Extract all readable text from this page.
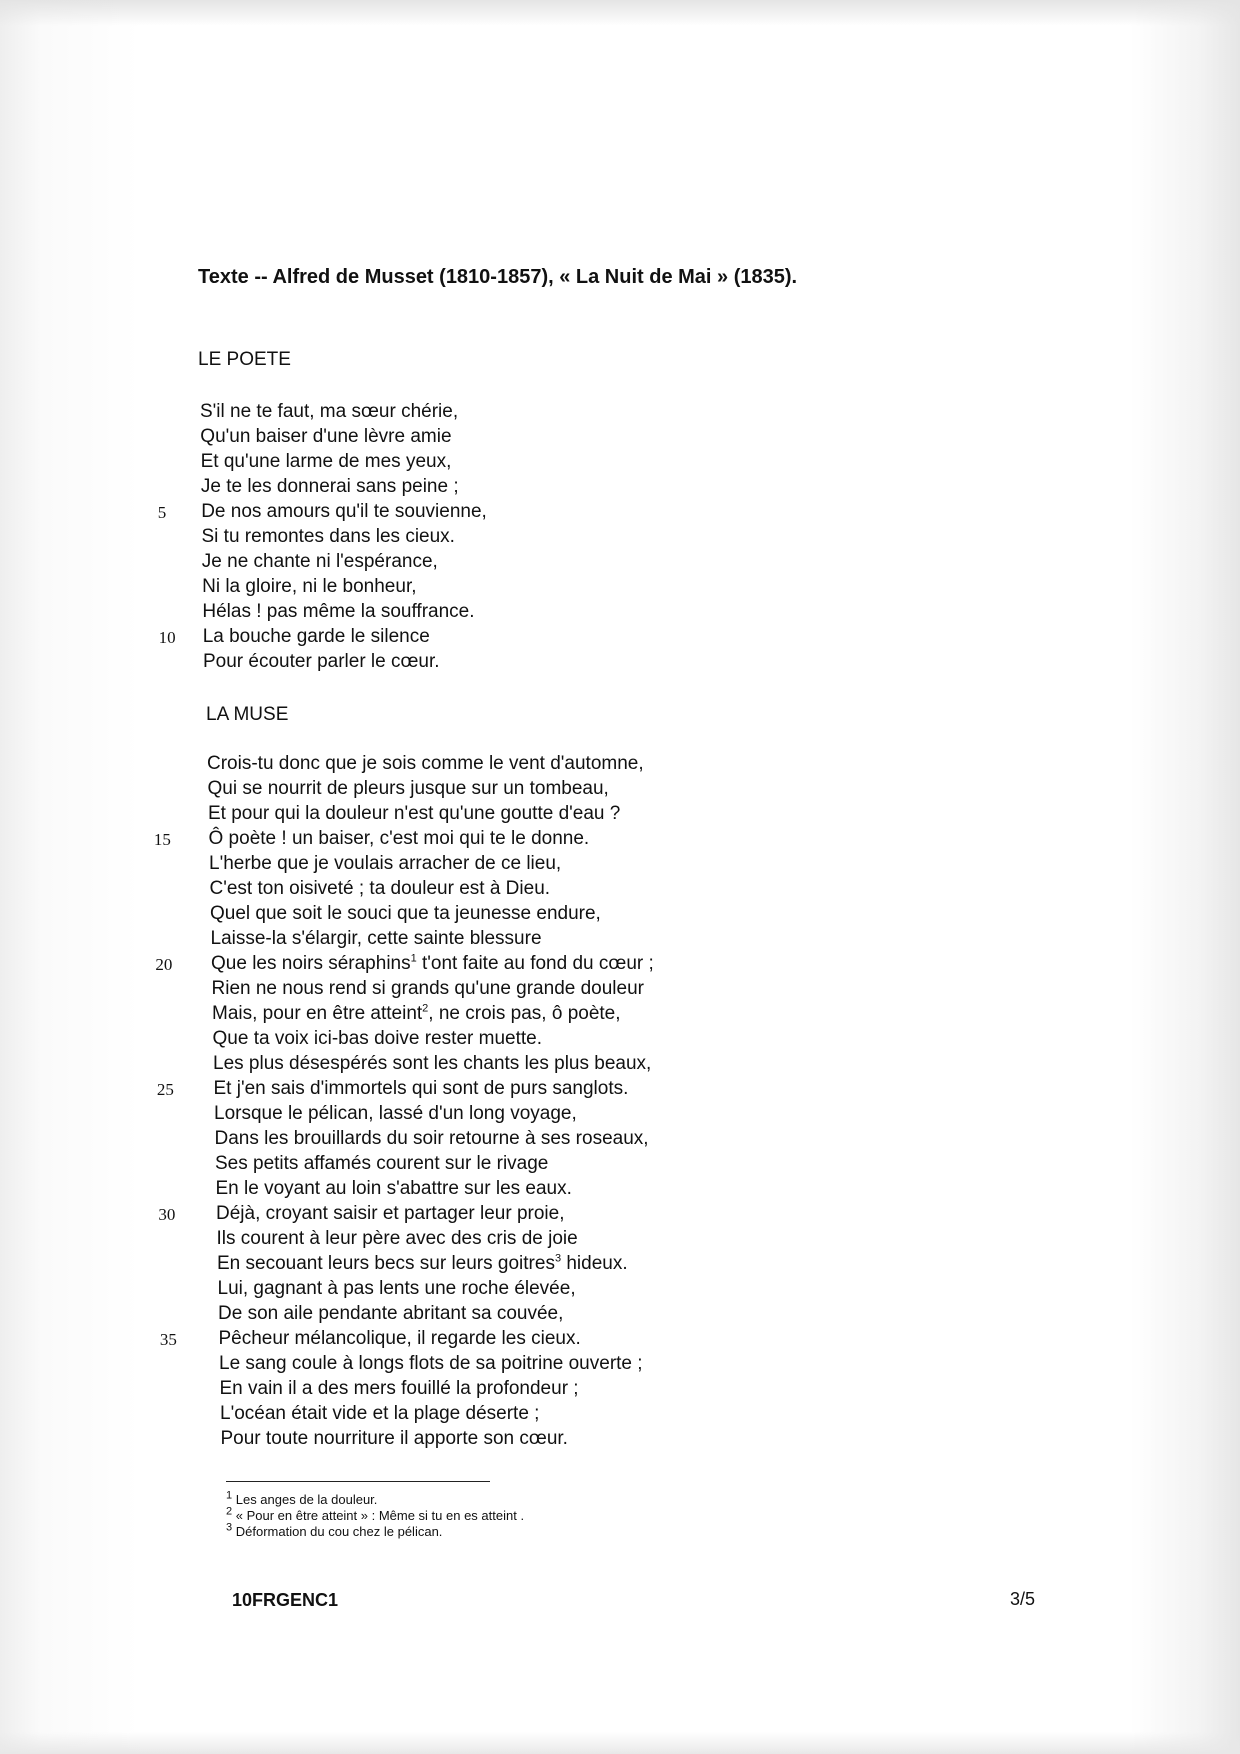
Texte -- Alfred de Musset (1810-1857), « La Nuit de Mai » (1835).
LE POETE
S'il ne te faut, ma sœur chérie,
Qu'un baiser d'une lèvre amie
Et qu'une larme de mes yeux,
Je te les donnerai sans peine ;
5 De nos amours qu'il te souvienne,
Si tu remontes dans les cieux.
Je ne chante ni l'espérance,
Ni la gloire, ni le bonheur,
Hélas ! pas même la souffrance.
10 La bouche garde le silence
Pour écouter parler le cœur.
LA MUSE
Crois-tu donc que je sois comme le vent d'automne,
Qui se nourrit de pleurs jusque sur un tombeau,
Et pour qui la douleur n'est qu'une goutte d'eau ?
15 Ô poète ! un baiser, c'est moi qui te le donne.
L'herbe que je voulais arracher de ce lieu,
C'est ton oisiveté ; ta douleur est à Dieu.
Quel que soit le souci que ta jeunesse endure,
Laisse-la s'élargir, cette sainte blessure
20 Que les noirs séraphins$^1$ t'ont faite au fond du cœur ;
Rien ne nous rend si grands qu'une grande douleur
Mais, pour en être atteint$^2$, ne crois pas, ô poète,
Que ta voix ici-bas doive rester muette.
Les plus désespérés sont les chants les plus beaux,
25 Et j'en sais d'immortels qui sont de purs sanglots.
Lorsque le pélican, lassé d'un long voyage,
Dans les brouillards du soir retourne à ses roseaux,
Ses petits affamés courent sur le rivage
En le voyant au loin s'abattre sur les eaux.
30 Déjà, croyant saisir et partager leur proie,
Ils courent à leur père avec des cris de joie
En secouant leurs becs sur leurs goitres$^3$ hideux.
Lui, gagnant à pas lents une roche élevée,
De son aile pendante abritant sa couvée,
35 Pêcheur mélancolique, il regarde les cieux.
Le sang coule à longs flots de sa poitrine ouverte ;
En vain il a des mers fouillé la profondeur ;
L'océan était vide et la plage déserte ;
Pour toute nourriture il apporte son cœur.
$^1$ Les anges de la douleur.
$^2$ « Pour en être atteint » : Même si tu en es atteint .
$^3$ Déformation du cou chez le pélican.
10FRGENC1	3/5
